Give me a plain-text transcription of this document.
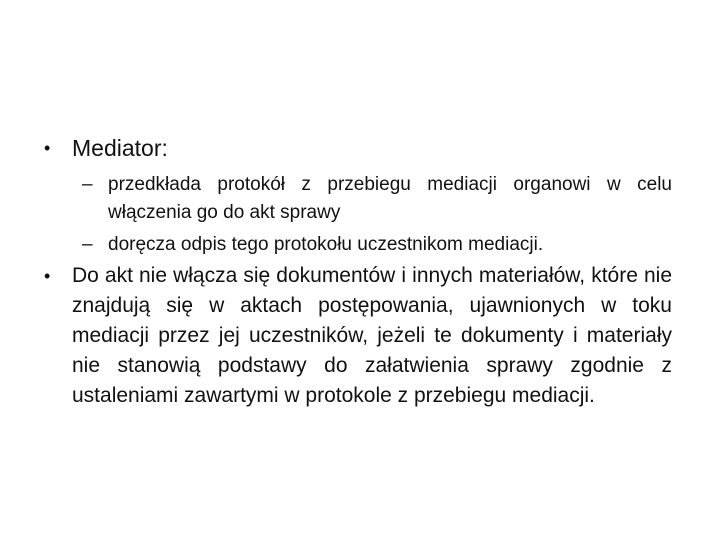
• Mediator:
– przedkłada protokół z przebiegu mediacji organowi w celu włączenia go do akt sprawy
– doręcza odpis tego protokołu uczestnikom mediacji.
•	Do akt nie włącza się dokumentów i innych materiałów, które nie znajdują się w aktach postępowania, ujawnionych w toku mediacji przez jej uczestników, jeżeli te dokumenty i materiały nie stanowią podstawy do załatwienia sprawy zgodnie z ustaleniami zawartymi w protokole z przebiegu mediacji.
